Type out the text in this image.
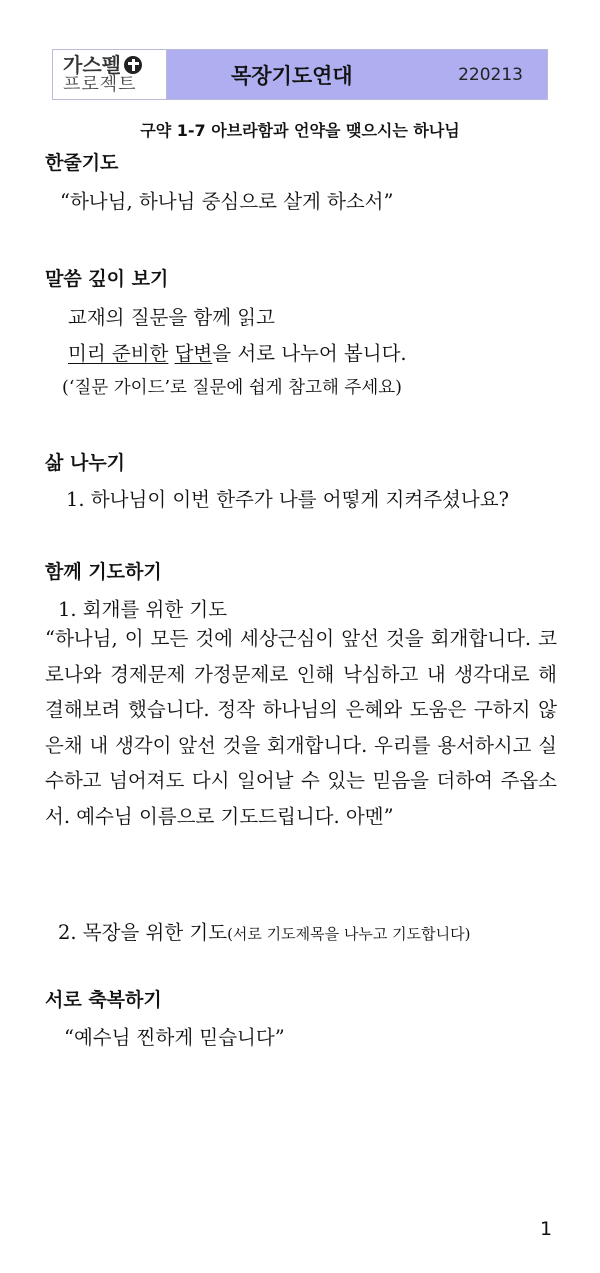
가스펠
프로젝트	목장기도연대	220213
구약 1-7 아브라함과 언약을 맺으시는 하나님
한줄기도
“하나님, 하나님 중심으로 살게 하소서”
말씀 깊이 보기
교재의 질문을 함께 읽고
미리 준비한 답변을 서로 나누어 봅니다.
(‘질문 가이드’로 질문에 쉽게 참고해 주세요)
삶 나누기
1. 하나님이 이번 한주가 나를 어떻게 지켜주셨나요?
함께 기도하기
1. 회개를 위한 기도
“하나님, 이 모든 것에 세상근심이 앞선 것을 회개합니다. 코로나와 경제문제 가정문제로 인해 낙심하고 내 생각대로 해결해보려 했습니다. 정작 하나님의 은혜와 도움은 구하지 않은채 내 생각이 앞선 것을 회개합니다. 우리를 용서하시고 실수하고 넘어져도 다시 일어날 수 있는 믿음을 더하여 주옵소서. 예수님 이름으로 기도드립니다. 아멘”
2. 목장을 위한 기도(서로 기도제목을 나누고 기도합니다)
서로 축복하기
“예수님 찐하게 믿습니다”
1
